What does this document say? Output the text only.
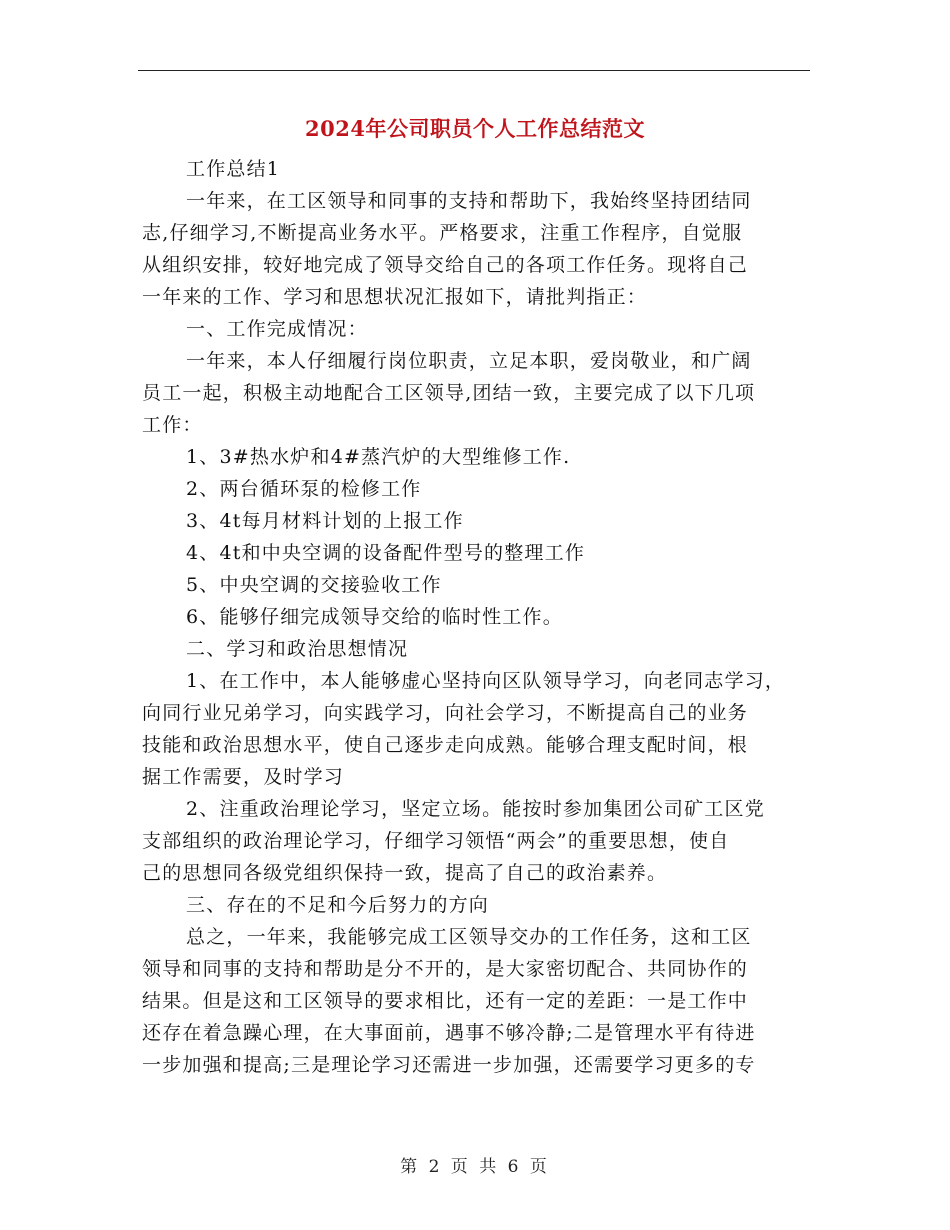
2024年公司职员个人工作总结范文
工作总结1
一年来，在工区领导和同事的支持和帮助下，我始终坚持团结同
志,仔细学习,不断提高业务水平。严格要求，注重工作程序，自觉服
从组织安排，较好地完成了领导交给自己的各项工作任务。现将自己
一年来的工作、学习和思想状况汇报如下，请批判指正：
一、工作完成情况：
一年来，本人仔细履行岗位职责，立足本职，爱岗敬业，和广阔
员工一起，积极主动地配合工区领导,团结一致，主要完成了以下几项
工作：
1、3#热水炉和4#蒸汽炉的大型维修工作.
2、两台循环泵的检修工作
3、4t每月材料计划的上报工作
4、4t和中央空调的设备配件型号的整理工作
5、中央空调的交接验收工作
6、能够仔细完成领导交给的临时性工作。
二、学习和政治思想情况
1、在工作中，本人能够虚心坚持向区队领导学习，向老同志学习，
向同行业兄弟学习，向实践学习，向社会学习，不断提高自己的业务
技能和政治思想水平，使自己逐步走向成熟。能够合理支配时间，根
据工作需要，及时学习
2、注重政治理论学习，坚定立场。能按时参加集团公司矿工区党
支部组织的政治理论学习，仔细学习领悟“两会”的重要思想，使自
己的思想同各级党组织保持一致，提高了自己的政治素养。
三、存在的不足和今后努力的方向
总之，一年来，我能够完成工区领导交办的工作任务，这和工区
领导和同事的支持和帮助是分不开的，是大家密切配合、共同协作的
结果。但是这和工区领导的要求相比，还有一定的差距：一是工作中
还存在着急躁心理，在大事面前，遇事不够冷静;二是管理水平有待进
一步加强和提高;三是理论学习还需进一步加强，还需要学习更多的专
第 2 页 共 6 页
